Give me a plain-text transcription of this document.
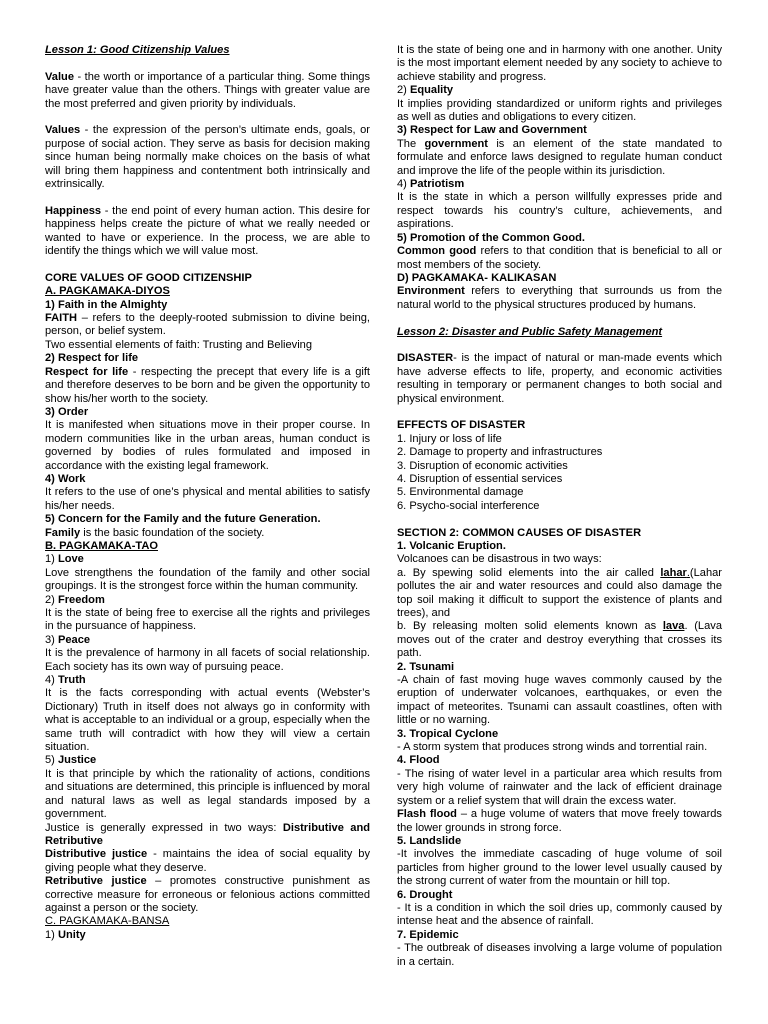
Lesson 1: Good Citizenship Values

Value - the worth or importance of a particular thing. Some things have greater value than the others. Things with greater value are the most preferred and given priority by individuals.

Values - the expression of the person’s ultimate ends, goals, or purpose of social action. They serve as basis for decision making since human being normally make choices on the basis of what will bring them happiness and contentment both intrinsically and extrinsically.

Happiness - the end point of every human action. This desire for happiness helps create the picture of what we really needed or wanted to have or experience. In the process, we are able to identify the things which we will value most.

CORE VALUES OF GOOD CITIZENSHIP

A. PAGKAMAKA-DIYOS

1) Faith in the Almighty

FAITH – refers to the deeply-rooted submission to divine being, person, or belief system.

Two essential elements of faith: Trusting and Believing

2) Respect for life

Respect for life - respecting the precept that every life is a gift and therefore deserves to be born and be given the opportunity to show his/her worth to the society.

3) Order

It is manifested when situations move in their proper course. In modern communities like in the urban areas, human conduct is governed by bodies of rules formulated and imposed in accordance with the existing legal framework.

4) Work

It refers to the use of one’s physical and mental abilities to satisfy his/her needs.

5) Concern for the Family and the future Generation.

Family is the basic foundation of the society.

B. PAGKAMAKA-TAO

1) Love

Love strengthens the foundation of the family and other social groupings. It is the strongest force within the human community.

2) Freedom

It is the state of being free to exercise all the rights and privileges in the pursuance of happiness.

3) Peace

It is the prevalence of harmony in all facets of social relationship. Each society has its own way of pursuing peace.

4) Truth

It is the facts corresponding with actual events (Webster’s Dictionary) Truth in itself does not always go in conformity with what is acceptable to an individual or a group, especially when the same truth will contradict with how they will view a certain situation.

5) Justice

It is that principle by which the rationality of actions, conditions and situations are determined, this principle is influenced by moral and natural laws as well as legal standards imposed by a government.

Justice is generally expressed in two ways: Distributive and Retributive

Distributive justice - maintains the idea of social equality by giving people what they deserve.

Retributive justice – promotes constructive punishment as corrective measure for erroneous or felonious actions committed against a person or the society.

C. PAGKAMAKA-BANSA

1) Unity

It is the state of being one and in harmony with one another. Unity is the most important element needed by any society to achieve to achieve stability and progress.

2) Equality

It implies providing standardized or uniform rights and privileges as well as duties and obligations to every citizen.

3) Respect for Law and Government

The government is an element of the state mandated to formulate and enforce laws designed to regulate human conduct and improve the life of the people within its jurisdiction.

4) Patriotism

It is the state in which a person willfully expresses pride and respect towards his country’s culture, achievements, and aspirations.

5) Promotion of the Common Good.

Common good refers to that condition that is beneficial to all or most members of the society.

D) PAGKAMAKA- KALIKASAN

Environment refers to everything that surrounds us from the natural world to the physical structures produced by humans.

Lesson 2: Disaster and Public Safety Management

DISASTER- is the impact of natural or man-made events which have adverse effects to life, property, and economic activities resulting in temporary or permanent changes to both social and physical environment.

EFFECTS OF DISASTER

1. Injury or loss of life

2. Damage to property and infrastructures

3. Disruption of economic activities

4. Disruption of essential services

5. Environmental damage

6. Psycho-social interference

SECTION 2: COMMON CAUSES OF DISASTER

1. Volcanic Eruption.

Volcanoes can be disastrous in two ways:

a. By spewing solid elements into the air called lahar.(Lahar pollutes the air and water resources and could also damage the top soil making it difficult to support the existence of plants and trees), and

b. By releasing molten solid elements known as lava. (Lava moves out of the crater and destroy everything that crosses its path.

2. Tsunami

-A chain of fast moving huge waves commonly caused by the eruption of underwater volcanoes, earthquakes, or even the impact of meteorites. Tsunami can assault coastlines, often with little or no warning.

3. Tropical Cyclone

- A storm system that produces strong winds and torrential rain.

4. Flood

- The rising of water level in a particular area which results from very high volume of rainwater and the lack of efficient drainage system or a relief system that will drain the excess water.

Flash flood – a huge volume of waters that move freely towards the lower grounds in strong force.

5. Landslide

-It involves the immediate cascading of huge volume of soil particles from higher ground to the lower level usually caused by the strong current of water from the mountain or hill top.

6. Drought

- It is a condition in which the soil dries up, commonly caused by intense heat and the absence of rainfall.

7. Epidemic

- The outbreak of diseases involving a large volume of population in a certain.
